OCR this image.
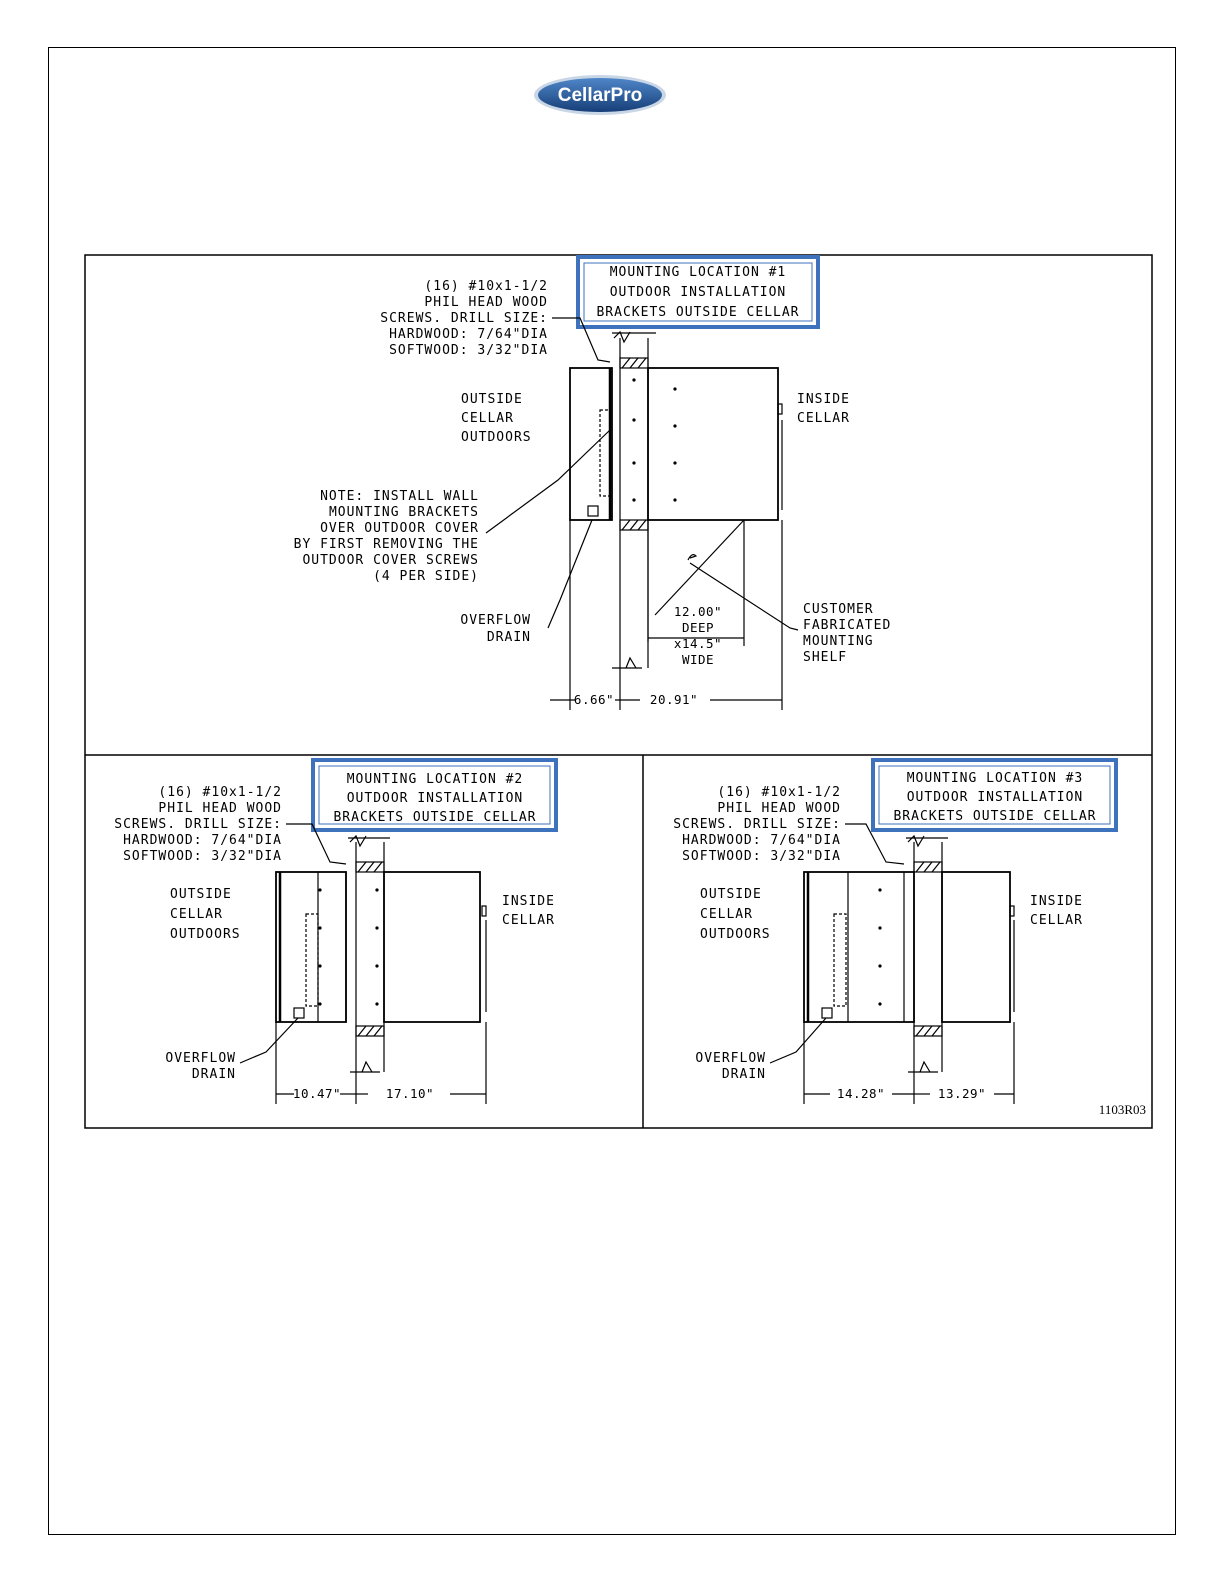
CellarPro
MOUNTING LOCATION #1
OUTDOOR INSTALLATION
BRACKETS OUTSIDE CELLAR
(16) #10x1-1/2
PHIL HEAD WOOD
SCREWS. DRILL SIZE:
HARDWOOD: 7/64"DIA
SOFTWOOD: 3/32"DIA
OUTSIDE
CELLAR
OUTDOORS
INSIDE
CELLAR
NOTE: INSTALL WALL
MOUNTING BRACKETS
OVER OUTDOOR COVER
BY FIRST REMOVING THE
OUTDOOR COVER SCREWS
(4 PER SIDE)
OVERFLOW
DRAIN
12.00"
DEEP
x14.5"
WIDE
CUSTOMER
FABRICATED
MOUNTING
SHELF
6.66"	20.91"
MOUNTING LOCATION #2
OUTDOOR INSTALLATION
BRACKETS OUTSIDE CELLAR
(16) #10x1-1/2
PHIL HEAD WOOD
SCREWS. DRILL SIZE:
HARDWOOD: 7/64"DIA
SOFTWOOD: 3/32"DIA
OUTSIDE
CELLAR
OUTDOORS
INSIDE
CELLAR
OVERFLOW
DRAIN
10.47"	17.10"
MOUNTING LOCATION #3
OUTDOOR INSTALLATION
BRACKETS OUTSIDE CELLAR
(16) #10x1-1/2
PHIL HEAD WOOD
SCREWS. DRILL SIZE:
HARDWOOD: 7/64"DIA
SOFTWOOD: 3/32"DIA
OUTSIDE
CELLAR
OUTDOORS
INSIDE
CELLAR
OVERFLOW
DRAIN
14.28"	13.29"
1103R03
